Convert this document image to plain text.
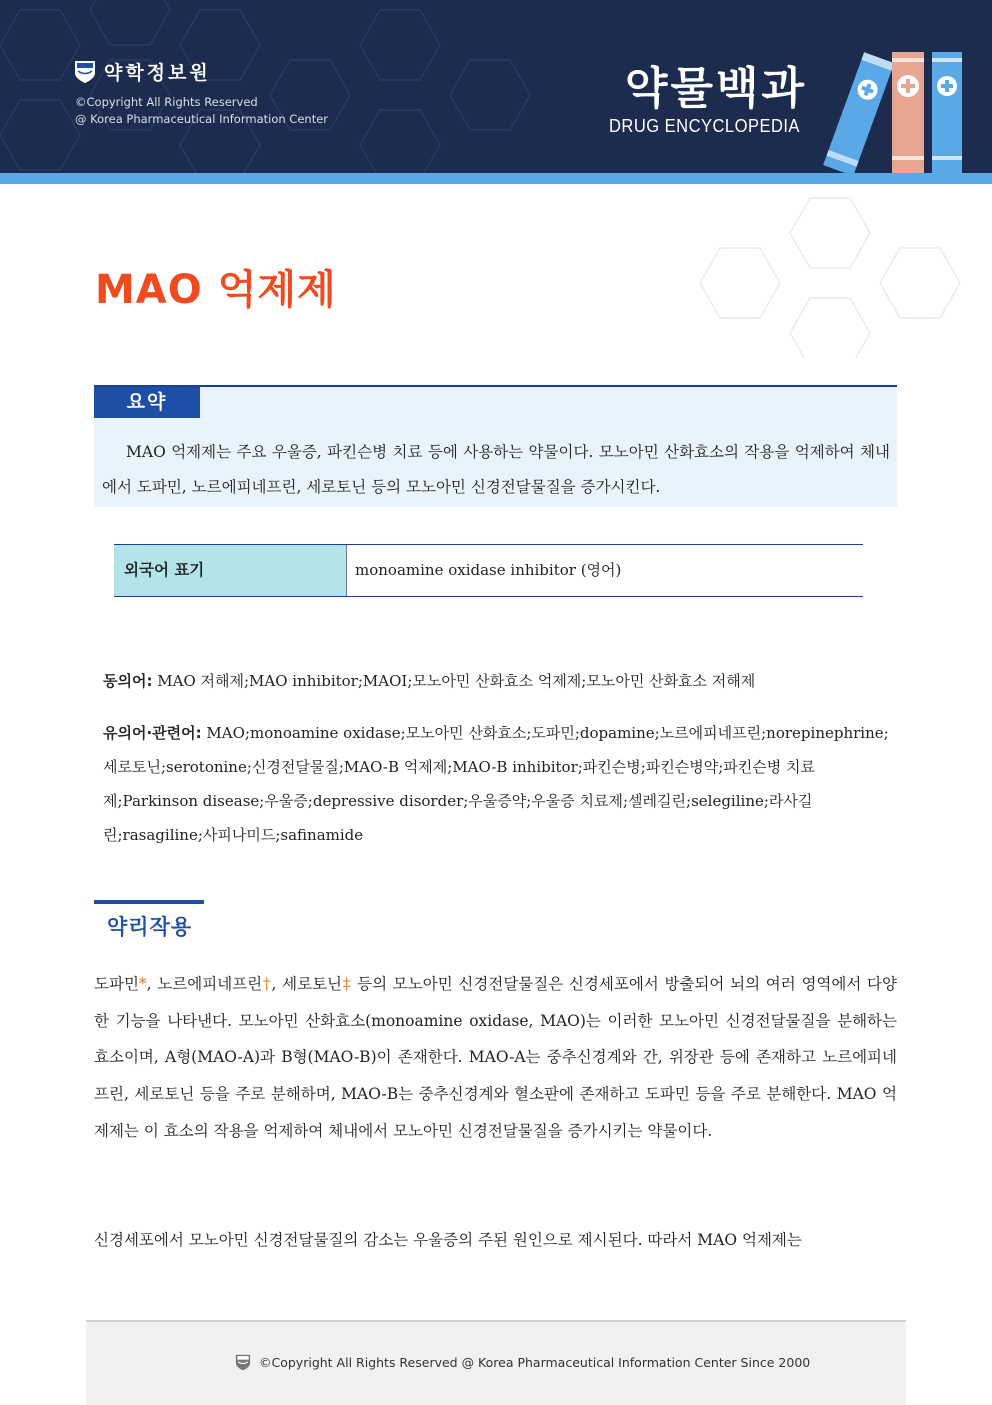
약학정보원
©Copyright All Rights Reserved
@ Korea Pharmaceutical Information Center
약물백과
DRUG ENCYCLOPEDIA
MAO 억제제
요약
MAO 억제제는 주요 우울증, 파킨슨병 치료 등에 사용하는 약물이다. 모노아민 산화효소의 작용을 억제하여 체내에서 도파민, 노르에피네프린, 세로토닌 등의 모노아민 신경전달물질을 증가시킨다.
외국어 표기	monoamine oxidase inhibitor (영어)
동의어: MAO 저해제;MAO inhibitor;MAOI;모노아민 산화효소 억제제;모노아민 산화효소 저해제
유의어·관련어: MAO;monoamine oxidase;모노아민 산화효소;도파민;dopamine;노르에피네프린;norepinephrine;세로토닌;serotonine;신경전달물질;MAO-B 억제제;MAO-B inhibitor;파킨슨병;파킨슨병약;파킨슨병 치료제;Parkinson disease;우울증;depressive disorder;우울증약;우울증 치료제;셀레길린;selegiline;라사길린;rasagiline;사피나미드;safinamide
약리작용
도파민*, 노르에피네프린†, 세로토닌‡ 등의 모노아민 신경전달물질은 신경세포에서 방출되어 뇌의 여러 영역에서 다양한 기능을 나타낸다. 모노아민 산화효소(monoamine oxidase, MAO)는 이러한 모노아민 신경전달물질을 분해하는 효소이며, A형(MAO-A)과 B형(MAO-B)이 존재한다. MAO-A는 중추신경계와 간, 위장관 등에 존재하고 노르에피네프린, 세로토닌 등을 주로 분해하며, MAO-B는 중추신경계와 혈소판에 존재하고 도파민 등을 주로 분해한다. MAO 억제제는 이 효소의 작용을 억제하여 체내에서 모노아민 신경전달물질을 증가시키는 약물이다.
신경세포에서 모노아민 신경전달물질의 감소는 우울증의 주된 원인으로 제시된다. 따라서 MAO 억제제는
©Copyright All Rights Reserved @ Korea Pharmaceutical Information Center Since 2000
